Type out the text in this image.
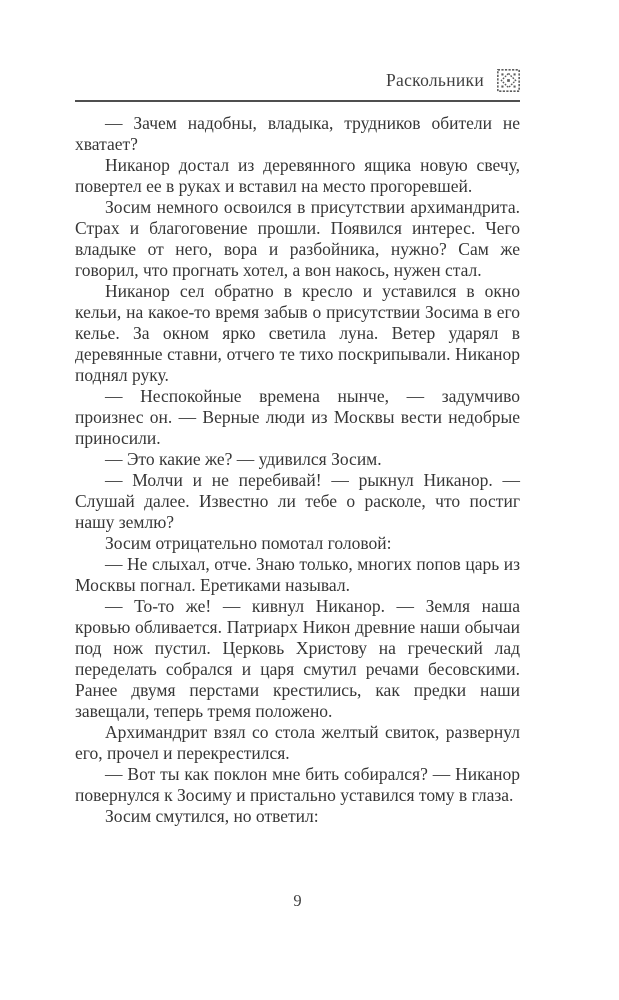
Раскольники

— Зачем надобны, владыка, трудников обители не хватает?

Никанор достал из деревянного ящика новую свечу, повертел ее в руках и вставил на место прогоревшей.

Зосим немного освоился в присутствии архимандрита. Страх и благоговение прошли. Появился интерес. Чего владыке от него, вора и разбойника, нужно? Сам же говорил, что прогнать хотел, а вон накось, нужен стал.

Никанор сел обратно в кресло и уставился в окно кельи, на какое-то время забыв о присутствии Зосима в его келье. За окном ярко светила луна. Ветер ударял в деревянные ставни, отчего те тихо поскрипывали. Никанор поднял руку.

— Неспокойные времена нынче, — задумчиво произнес он. — Верные люди из Москвы вести недобрые приносили.

— Это какие же? — удивился Зосим.

— Молчи и не перебивай! — рыкнул Никанор. — Слушай далее. Известно ли тебе о расколе, что постиг нашу землю?

Зосим отрицательно помотал головой:

— Не слыхал, отче. Знаю только, многих попов царь из Москвы погнал. Еретиками называл.

— То-то же! — кивнул Никанор. — Земля наша кровью обливается. Патриарх Никон древние наши обычаи под нож пустил. Церковь Христову на греческий лад переделать собрался и царя смутил речами бесовскими. Ранее двумя перстами крестились, как предки наши завещали, теперь тремя положено.

Архимандрит взял со стола желтый свиток, развернул его, прочел и перекрестился.

— Вот ты как поклон мне бить собирался? — Никанор повернулся к Зосиму и пристально уставился тому в глаза.

Зосим смутился, но ответил:

9
